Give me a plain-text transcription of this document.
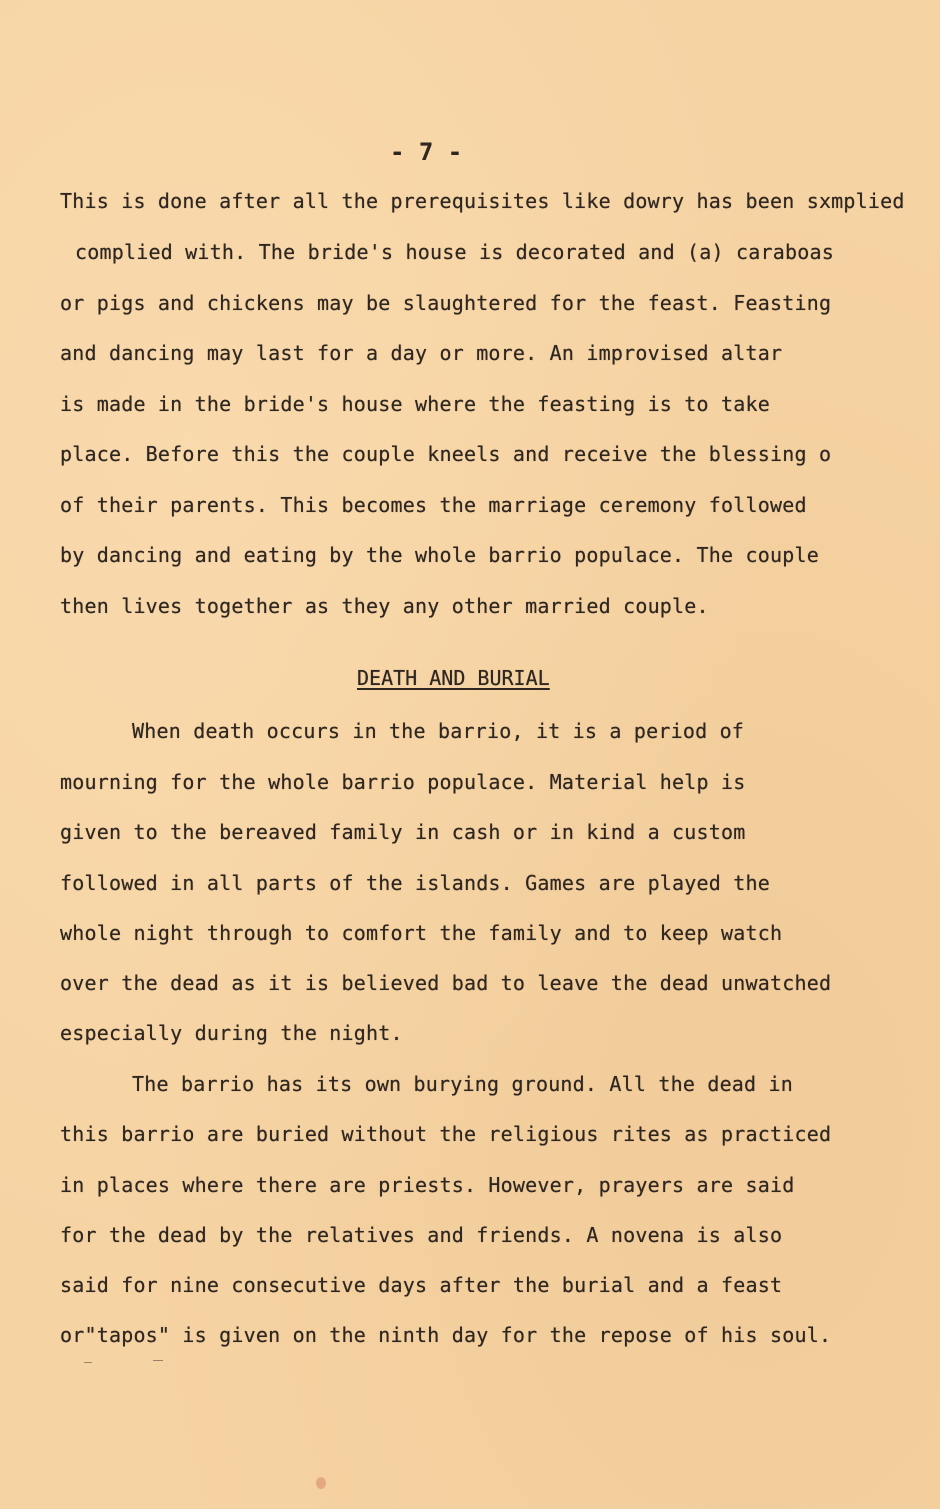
- 7 -
This is done after all the prerequisites like dowry has been sxmplied
complied with. The bride's house is decorated and (a) caraboas
or pigs and chickens may be slaughtered for the feast. Feasting
and dancing may last for a day or more. An improvised altar
is made in the bride's house where the feasting is to take
place. Before this the couple kneels and receive the blessing o
of their parents. This becomes the marriage ceremony followed
by dancing and eating by the whole barrio populace. The couple
then lives together as they any other married couple.
DEATH AND BURIAL
When death occurs in the barrio, it is a period of
mourning for the whole barrio populace. Material help is
given to the bereaved family in cash or in kind a custom
followed in all parts of the islands. Games are played the
whole night through to comfort the family and to keep watch
over the dead as it is believed bad to leave the dead unwatched
especially during the night.
The barrio has its own burying ground. All the dead in
this barrio are buried without the religious rites as practiced
in places where there are priests. However, prayers are said
for the dead by the relatives and friends. A novena is also
said for nine consecutive days after the burial and a feast
or"tapos" is given on the ninth day for the repose of his soul.
